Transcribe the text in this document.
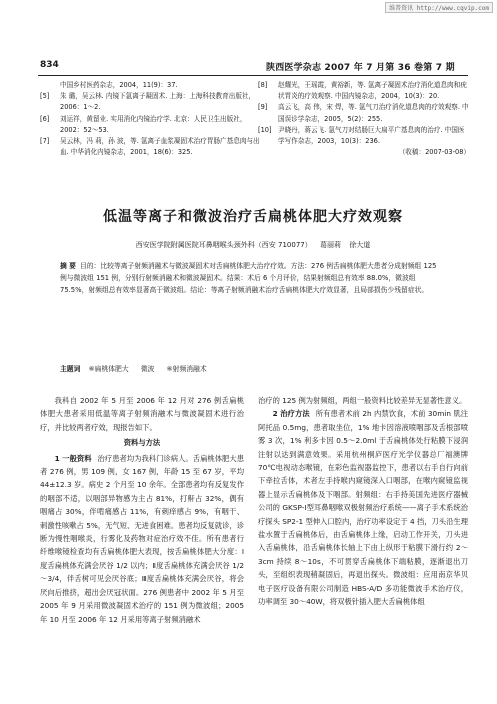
维普资讯 http://www.cqvip.com
834	陕西医学杂志 2007 年 7 月第 36 卷第 7 期
中国乡村医药杂志，2004，11(9)：37.
[5]	朱 璐，吴云林. 内镜下氩离子凝固术. 上海：上海科技教育出版社，2006：1～2.
[6]	刘运祥，黄留业. 实用消化内镜治疗学. 北京：人民卫生出版社，2002：52～53.
[7]	吴云林，冯 莉，孙 波，等. 氩离子血浆凝固术治疗胃肠广基息肉与出血. 中华消化内镜杂志，2001，18(6)：325.
[8]	赵耀光，王瑶霞，黄裕新，等. 氩离子凝固术治疗消化道息肉和疣状胃炎的疗效观察. 中国内镜杂志，2004，10(3)：20.
[9]	高云飞，高 伟，宋 焊，等. 氩气刀治疗消化道息肉的疗效观察. 中国误诊学杂志，2005，5(2)：255.
[10] 尹晓丹，蒋云飞. 氩气刀对结肠巨大扁平广基息肉的治疗. 中国医学写作杂志，2003，10(3)：236.
（收稿：2007-03-08）
低温等离子和微波治疗舌扁桃体肥大疗效观察
西安医学院附属医院耳鼻咽喉头颈外科（西安 710077） 葛丽莉 徐大道
摘 要 目的：比较等离子射频消融术与微波凝固术对舌扁桃体肥大治疗疗效。方法：276 例舌扁桃体肥大患者分成射频组 125 例与微波组 151 例，分别行射频消融术和微波凝固术。结果：术后 6 个月评价，结果射频组总有效率 88.0%，微波组 75.5%，射频组总有效率显著高于微波组。结论：等离子射频消融术治疗舌扁桃体肥大疗效显著，且局部损伤少残留症状。
主题词 ⑥扁桃体肥大 微波 ⑥射频消融术

我科自 2002 年 5 月至 2006 年 12 月对 276 例舌扁桃体肥大患者采用低温等离子射频消融术与微波凝固术进行治疗，并比较两者疗效，现报告如下。

资料与方法

1 一般资料 治疗患者均为我科门诊病人。舌扁桃体肥大患者 276 例，男 109 例，女 167 例，年龄 15 至 67 岁，平均 44±12.3 岁。病史 2 个月至 10 余年。全部患者均有反复发作的咽部不适，以咽部异物感为主占 81%，打鼾占 32%，偶有咽痛占 30%，伴啃痛感占 11%，有刺痒感占 9%，有咽干、刺激性咳嗽占 5%，无气短、无进食困难。患者均反复就诊，诊断为慢性咽喉炎，行雾化及药物对症治疗效不佳。所有患者行纤维喉镜检查均有舌扁桃体肥大表现，按舌扁桃体肥大分度：Ⅰ度舌扁桃体充满会厌谷 1/2 以内；Ⅱ度舌扁桃体充满会厌谷 1/2～3/4，伴舌树可见会厌谷底；Ⅲ度舌扁桃体充满会厌谷，将会厌向后推挤，超出会厌冠状面。276 例患者中 2002 年 5 月至 2005 年 9 月采用微波凝固术治疗的 151 例为微波组；2005 年 10 月至 2006 年 12 月采用等离子射频消融术

治疗的 125 例为射频组，两组一般资料比较差异无显著性意义。

2 治疗方法 所有患者术前 2h 内禁饮食，术前 30min 肌注阿托品 0.5mg，患者取坐位，1% 地卡因溶液喷咽部及舌根部喷雾 3 次，1% 利多卡因 0.5～2.0ml 于舌扁桃体处行粘膜下浸润注射以达到满意效果。采用杭州桐庐医疗光学仪器总厂福澳牌 70℃电视动态喉镜，在彩色监视器监控下，患者以右手自行向前下牵拉舌体，术者左手持喉内窥镜深入口咽部，在喉内窥镜监视器上显示舌扁桃体及下咽部。射频组：右手持美国先进医疗器械公司的 GKSP-Ⅰ型耳鼻咽喉双极射频治疗系统——离子手术系统治疗探头 SP2-1 型伸入口腔内，治疗功率设定于 4 挡，刀头沿生理盐水置于舌扁桃体后，由舌扁桃体上缘，启动工作开关，刀头进入舌扁桃体，沿舌扁桃体长轴上下由上纵形于粘膜下滑行约 2～3cm 持续 8～10s，不可贯穿舌扁桃体下端粘膜，逐渐退出刀头，至组织表现稍凝固后，再退出探头。微波组：应用南京华贝电子医疗设备有限公司制造 HBS-A/D 多功能微波手术治疗仪，功率调至 30～40W，将双极针插入肥大舌扁桃体组
